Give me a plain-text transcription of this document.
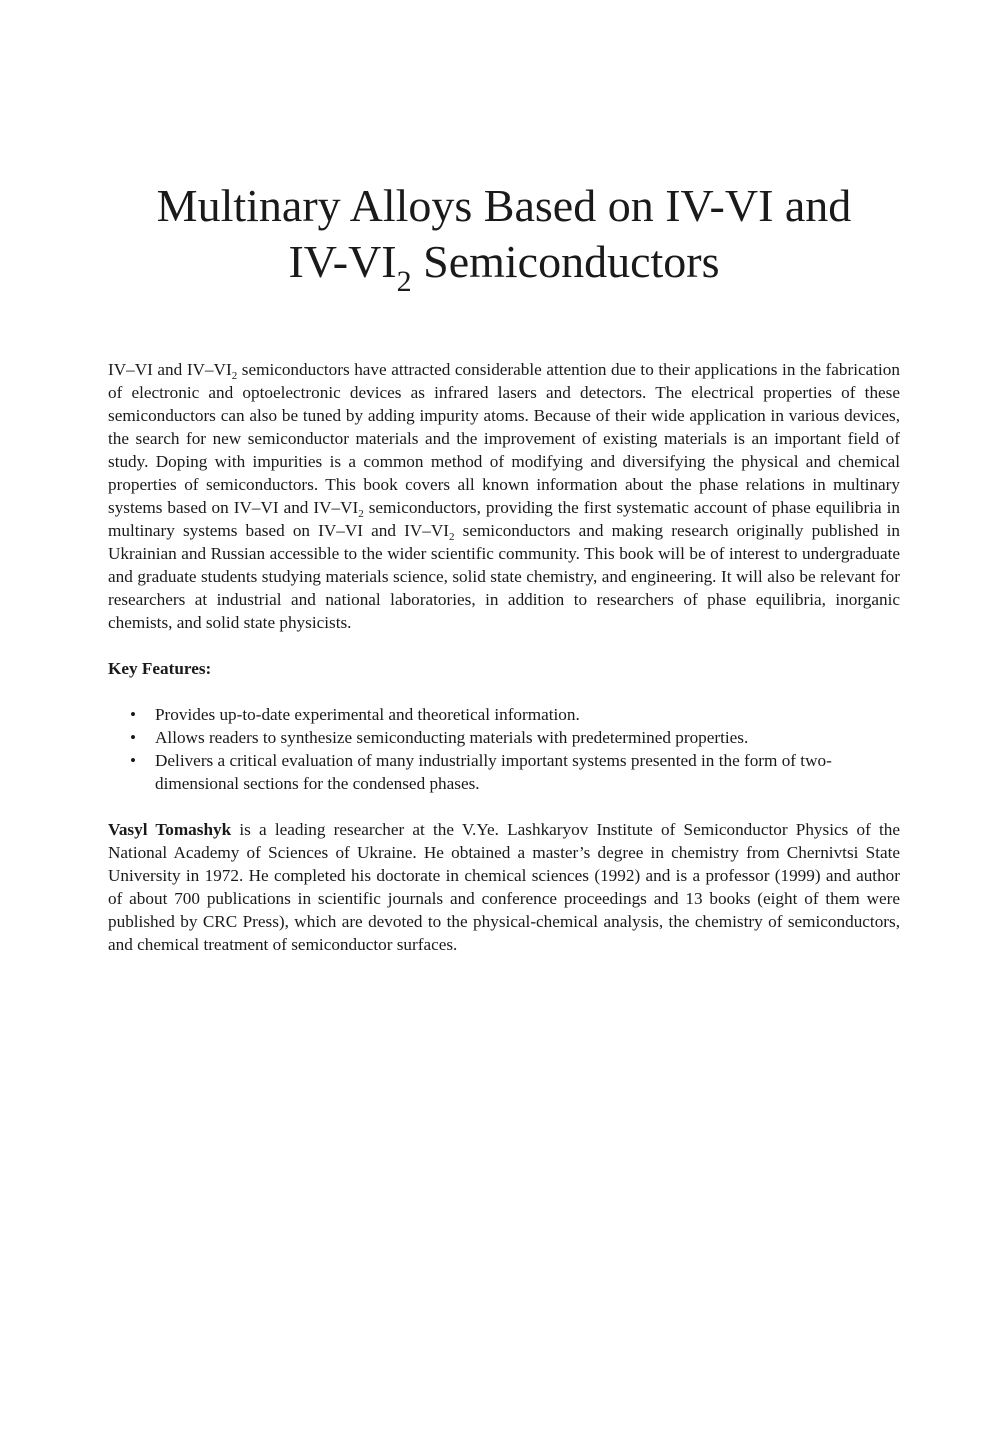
Multinary Alloys Based on IV-VI and
$IV-VI_2$ Semiconductors

IV–VI and $IV-VI_2$ semiconductors have attracted considerable attention due to their applications in the fabrication of electronic and optoelectronic devices as infrared lasers and detectors. The electrical properties of these semiconductors can also be tuned by adding impurity atoms. Because of their wide application in various devices, the search for new semiconductor materials and the improvement of existing materials is an important field of study. Doping with impurities is a common method of modifying and diversifying the physical and chemical properties of semiconductors. This book covers all known information about the phase relations in multinary systems based on IV–VI and $IV-VI_2$ semiconductors, providing the first systematic account of phase equilibria in multinary systems based on IV–VI and $IV-VI_2$ semiconductors and making research originally published in Ukrainian and Russian accessible to the wider scientific community. This book will be of interest to undergraduate and graduate students studying materials science, solid state chemistry, and engineering. It will also be relevant for researchers at industrial and national laboratories, in addition to researchers of phase equilibria, inorganic chemists, and solid state physicists.

Key Features:

• Provides up-to-date experimental and theoretical information.
• Allows readers to synthesize semiconducting materials with predetermined properties.
• Delivers a critical evaluation of many industrially important systems presented in the form of two-dimensional sections for the condensed phases.

Vasyl Tomashyk is a leading researcher at the V.Ye. Lashkaryov Institute of Semiconductor Physics of the National Academy of Sciences of Ukraine. He obtained a master’s degree in chemistry from Chernivtsi State University in 1972. He completed his doctorate in chemical sciences (1992) and is a professor (1999) and author of about 700 publications in scientific journals and conference proceedings and 13 books (eight of them were published by CRC Press), which are devoted to the physical-chemical analysis, the chemistry of semiconductors, and chemical treatment of semiconductor surfaces.
